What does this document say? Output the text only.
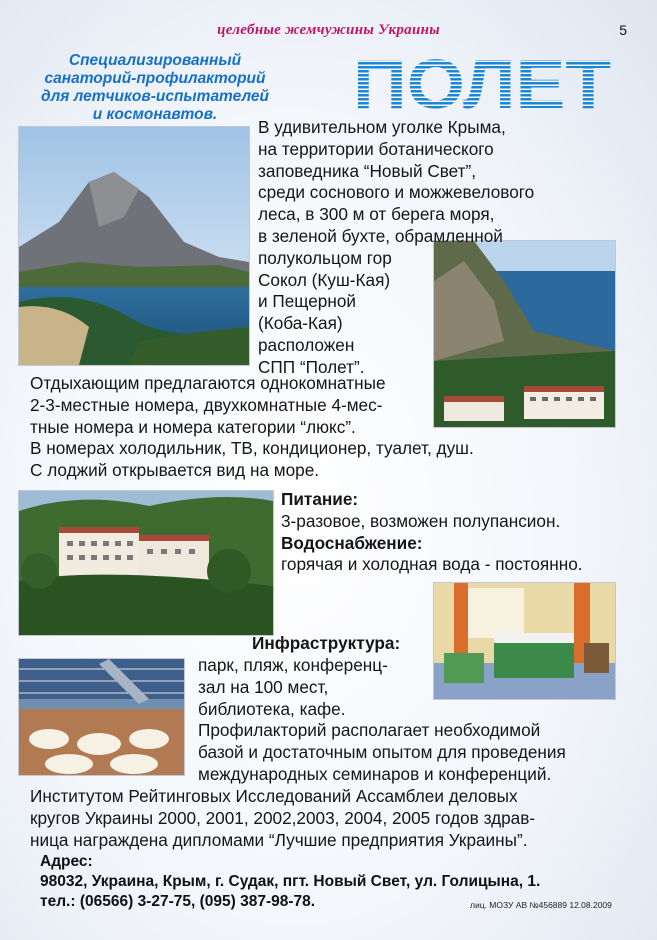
целебные жемчужины Украины	5
Специализированный
санаторий-профилакторий
для летчиков-испытателей
и космонавтов.	ПОЛЕТ
В удивительном уголке Крыма,
на территории ботанического
заповедника “Новый Свет”,
среди соснового и можжевелового
леса, в 300 м от берега моря,
в зеленой бухте, обрамленной
полукольцом гор
Сокол (Куш-Кая)
и Пещерной
(Коба-Кая)
расположен
СПП “Полет”.
Отдыхающим предлагаются однокомнатные
2-3-местные номера, двухкомнатные 4-мес-
тные номера и номера категории “люкс”.
В номерах холодильник, ТВ, кондиционер, туалет, душ.
С лоджий открывается вид на море.
Питание:
3-разовое, возможен полупансион.
Водоснабжение:
горячая и холодная вода - постоянно.
Инфраструктура:
парк, пляж, конференц-
зал на 100 мест,
библиотека, кафе.
Профилакторий располагает необходимой
базой и достаточным опытом для проведения
международных семинаров и конференций.
Институтом Рейтинговых Исследований Ассамблеи деловых
кругов Украины 2000, 2001, 2002,2003, 2004, 2005 годов здрав-
ница награждена дипломами “Лучшие предприятия Украины”.
Адрес:
98032, Украина, Крым, г. Судак, пгт. Новый Свет, ул. Голицына, 1.
тел.: (06566) 3-27-75, (095) 387-98-78.	лиц. МОЗУ АВ №456889 12.08.2009
